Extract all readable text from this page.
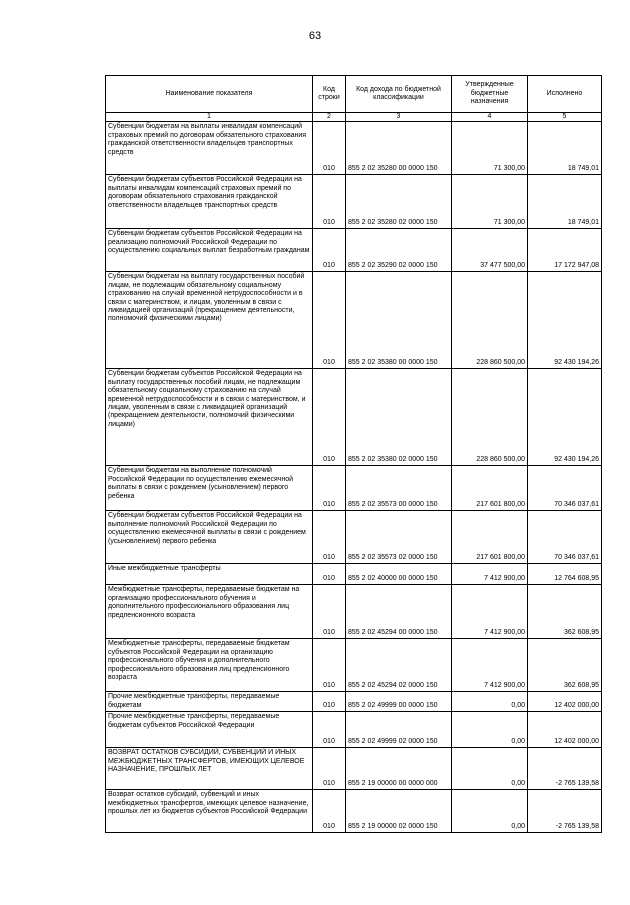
63
Наименование показателя	Код строки	Код дохода по бюджетной классификации	Утвержденные бюджетные назначения	Исполнено
1	2	3	4	5
Субвенции бюджетам на выплаты инвалидам компенсаций страховых премий по договорам обязательного страхования гражданской ответственности владельцев транспортных средств	010	855 2 02 35280 00 0000 150	71 300,00	18 749,01
Субвенции бюджетам субъектов Российской Федерации на выплаты инвалидам компенсаций страховых премий по договорам обязательного страхования гражданской ответственности владельцев транспортных средств	010	855 2 02 35280 02 0000 150	71 300,00	18 749,01
Субвенции бюджетам субъектов Российской Федерации на реализацию полномочий Российской Федерации по осуществлению социальных выплат безработным гражданам	010	855 2 02 35290 02 0000 150	37 477 500,00	17 172 947,08
Субвенции бюджетам на выплату государственных пособий лицам, не подлежащим обязательному социальному страхованию на случай временной нетрудоспособности и в связи с материнством, и лицам, уволенным в связи с ликвидацией организаций (прекращением деятельности, полномочий физическими лицами)	010	855 2 02 35380 00 0000 150	228 860 500,00	92 430 194,26
Субвенции бюджетам субъектов Российской Федерации на выплату государственных пособий лицам, не подлежащим обязательному социальному страхованию на случай временной нетрудоспособности и в связи с материнством, и лицам, уволенным в связи с ликвидацией организаций (прекращением деятельности, полномочий физическими лицами)	010	855 2 02 35380 02 0000 150	228 860 500,00	92 430 194,26
Субвенции бюджетам на выполнение полномочий Российской Федерации по осуществлению ежемесячной выплаты в связи с рождением (усыновлением) первого ребенка	010	855 2 02 35573 00 0000 150	217 601 800,00	70 346 037,61
Субвенции бюджетам субъектов Российской Федерации на выполнение полномочий Российской Федерации по осуществлению ежемесячной выплаты в связи с рождением (усыновлением) первого ребенка	010	855 2 02 35573 02 0000 150	217 601 800,00	70 346 037,61
Иные межбюджетные трансферты	010	855 2 02 40000 00 0000 150	7 412 900,00	12 764 608,95
Межбюджетные трансферты, передаваемые бюджетам на организацию профессионального обучения и дополнительного профессионального образования лиц предпенсионного возраста	010	855 2 02 45294 00 0000 150	7 412 900,00	362 608,95
Межбюджетные трансферты, передаваемые бюджетам субъектов Российской Федерации на организацию профессионального обучения и дополнительного профессионального образования лиц предпенсионного возраста	010	855 2 02 45294 02 0000 150	7 412 900,00	362 608,95
Прочие межбюджетные трансферты, передаваемые бюджетам	010	855 2 02 49999 00 0000 150	0,00	12 402 000,00
Прочие межбюджетные трансферты, передаваемые бюджетам субъектов Российской Федерации	010	855 2 02 49999 02 0000 150	0,00	12 402 000,00
ВОЗВРАТ ОСТАТКОВ СУБСИДИЙ, СУБВЕНЦИЙ И ИНЫХ МЕЖБЮДЖЕТНЫХ ТРАНСФЕРТОВ, ИМЕЮЩИХ ЦЕЛЕВОЕ НАЗНАЧЕНИЕ, ПРОШЛЫХ ЛЕТ	010	855 2 19 00000 00 0000 000	0,00	-2 765 139,58
Возврат остатков субсидий, субвенций и иных межбюджетных трансфертов, имеющих целевое назначение, прошлых лет из бюджетов субъектов Российской Федерации	010	855 2 19 00000 02 0000 150	0,00	-2 765 139,58
